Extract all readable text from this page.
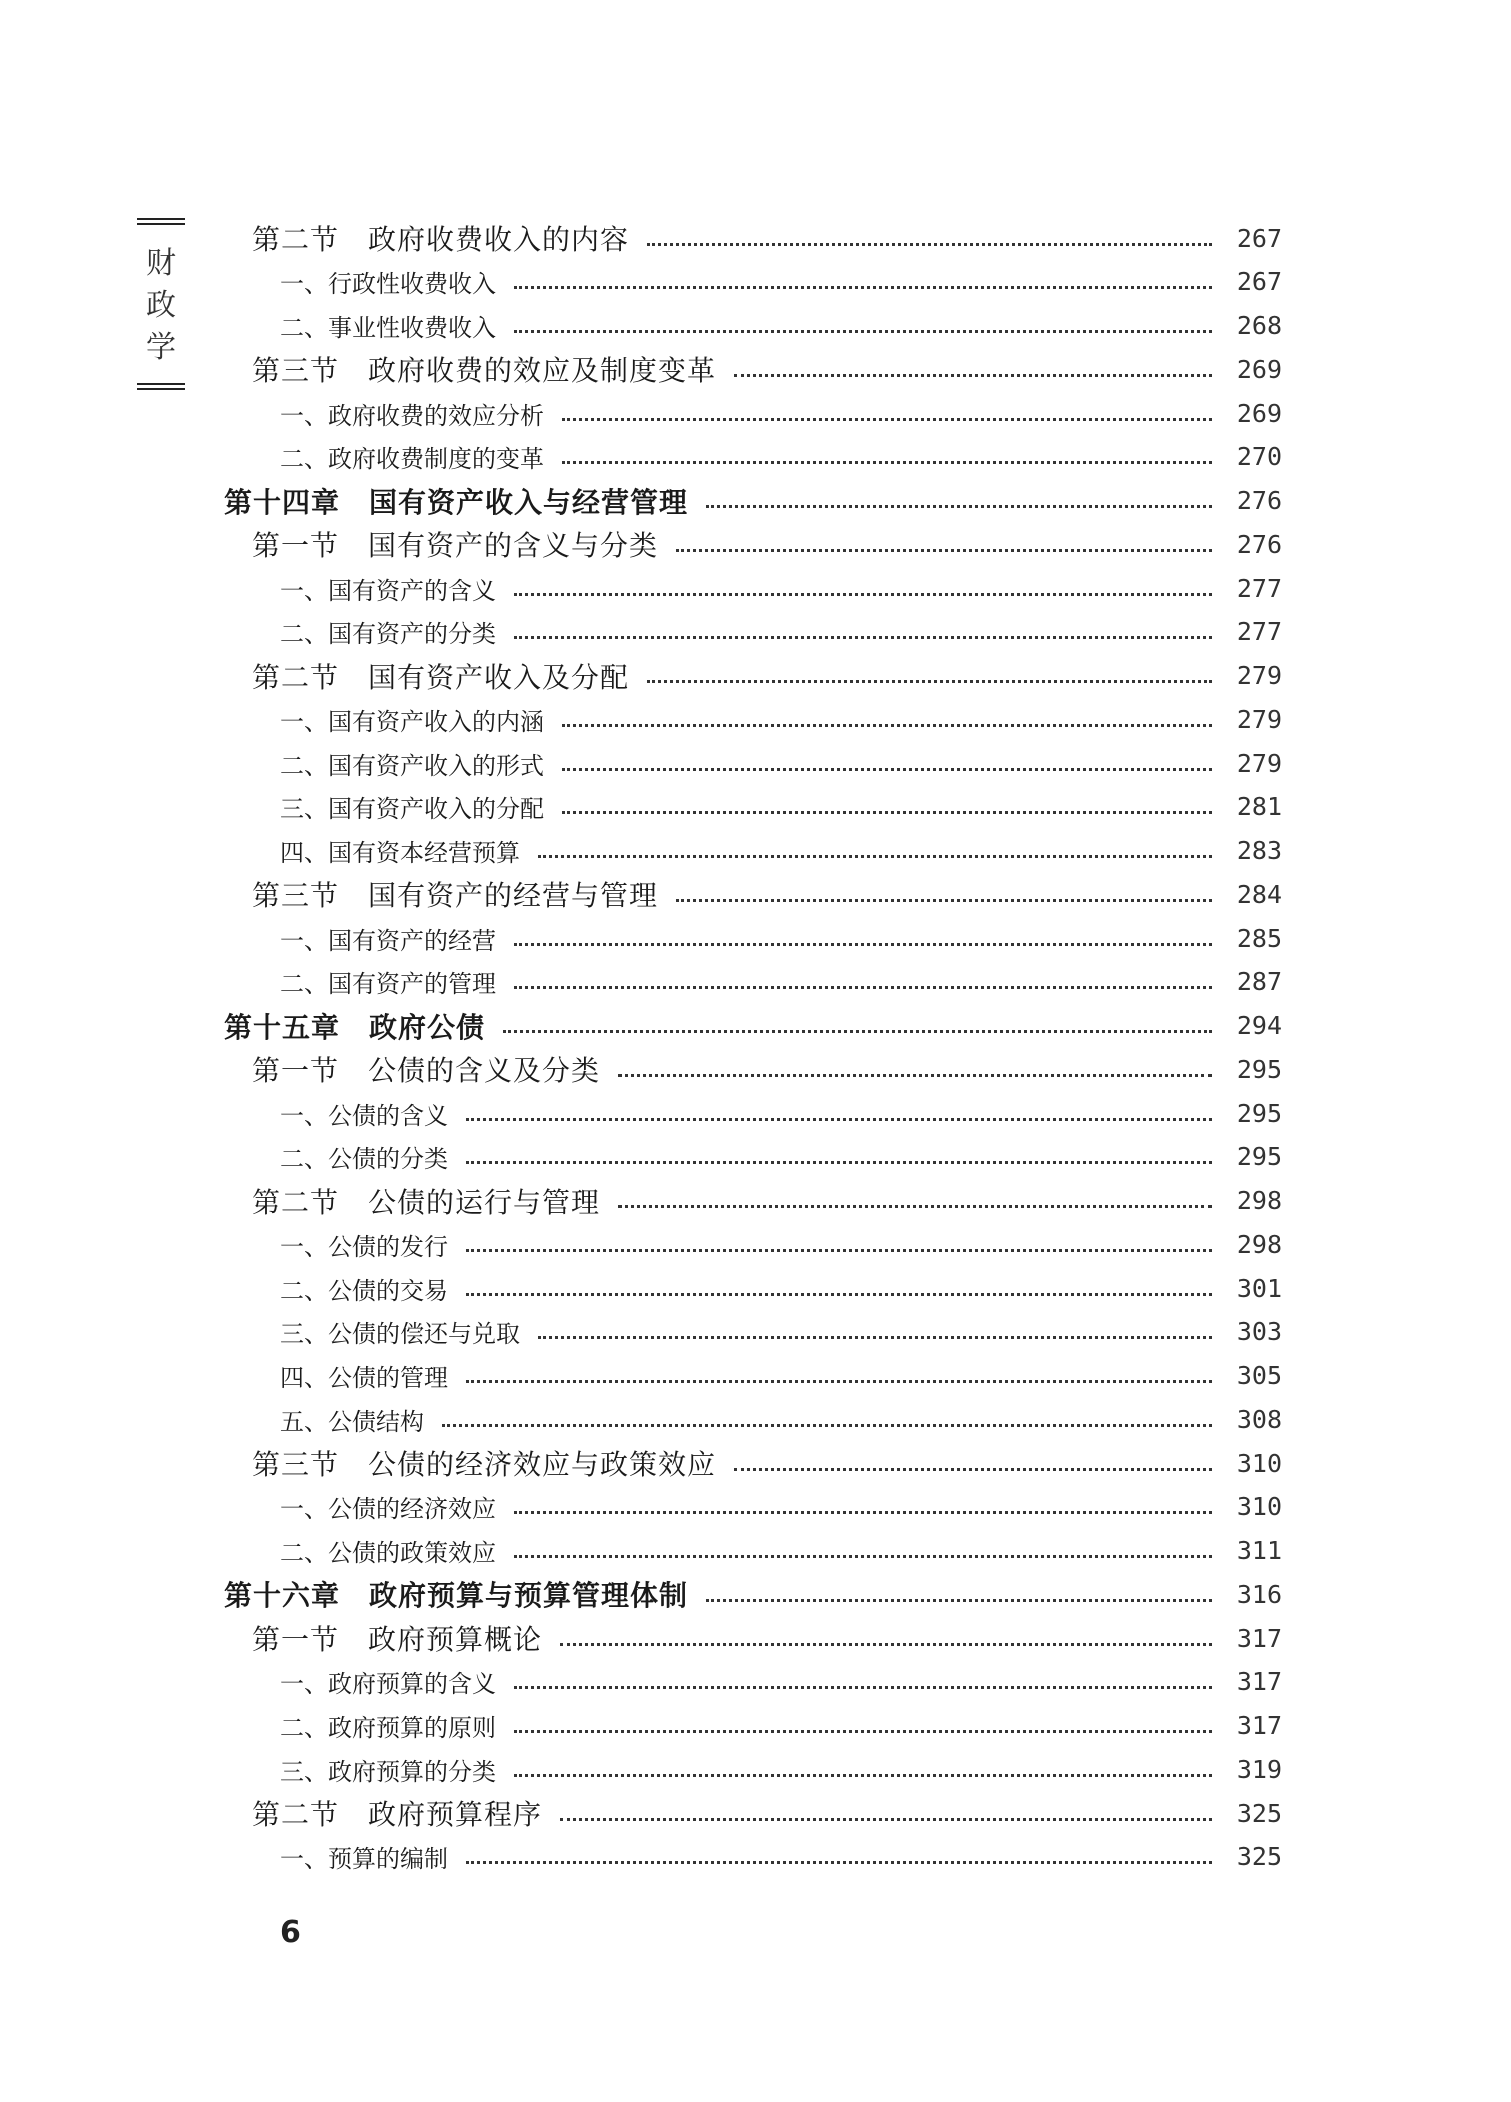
财
政
学
第二节　政府收费收入的内容	267
一、行政性收费收入	267
二、事业性收费收入	268
第三节　政府收费的效应及制度变革	269
一、政府收费的效应分析	269
二、政府收费制度的变革	270
第十四章　国有资产收入与经营管理	276
第一节　国有资产的含义与分类	276
一、国有资产的含义	277
二、国有资产的分类	277
第二节　国有资产收入及分配	279
一、国有资产收入的内涵	279
二、国有资产收入的形式	279
三、国有资产收入的分配	281
四、国有资本经营预算	283
第三节　国有资产的经营与管理	284
一、国有资产的经营	285
二、国有资产的管理	287
第十五章　政府公债	294
第一节　公债的含义及分类	295
一、公债的含义	295
二、公债的分类	295
第二节　公债的运行与管理	298
一、公债的发行	298
二、公债的交易	301
三、公债的偿还与兑取	303
四、公债的管理	305
五、公债结构	308
第三节　公债的经济效应与政策效应	310
一、公债的经济效应	310
二、公债的政策效应	311
第十六章　政府预算与预算管理体制	316
第一节　政府预算概论	317
一、政府预算的含义	317
二、政府预算的原则	317
三、政府预算的分类	319
第二节　政府预算程序	325
一、预算的编制	325
6
